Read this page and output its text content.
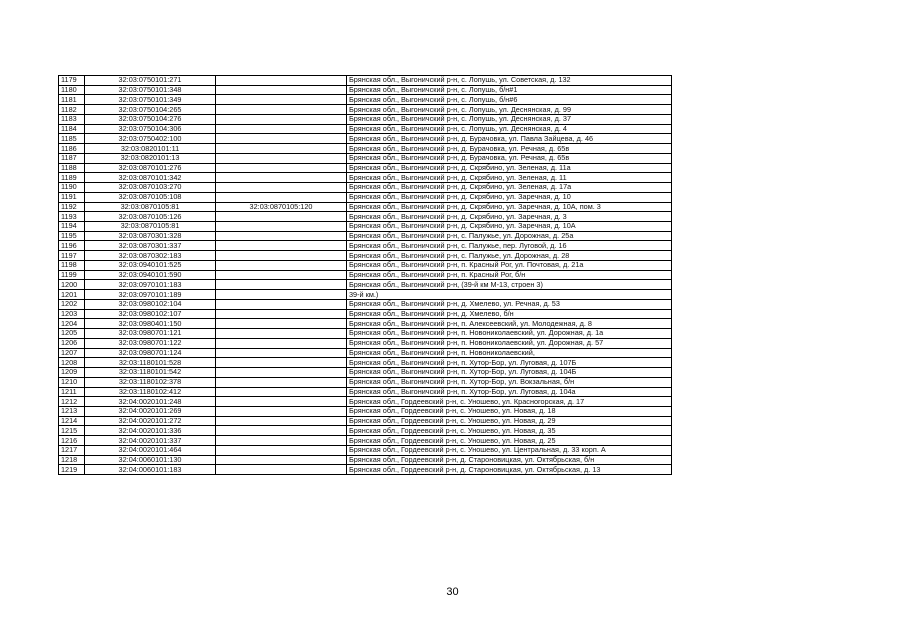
1179	32:03:0750101:271		Брянская обл., Выгоничский р-н, с. Лопушь, ул. Советская, д. 132
1180	32:03:0750101:348		Брянская обл., Выгоничский р-н, с. Лопушь, б/н#1
1181	32:03:0750101:349		Брянская обл., Выгоничский р-н, с. Лопушь, б/н#6
1182	32:03:0750104:265		Брянская обл., Выгоничский р-н, с. Лопушь, ул. Деснянская, д. 99
1183	32:03:0750104:276		Брянская обл., Выгоничский р-н, с. Лопушь, ул. Деснянская, д. 37
1184	32:03:0750104:306		Брянская обл., Выгоничский р-н, с. Лопушь, ул. Деснянская, д. 4
1185	32:03:0750402:100		Брянская обл., Выгоничский р-н, д. Бурачовка, ул. Павла Зайцева, д. 46
1186	32:03:0820101:11		Брянская обл., Выгоничский р-н, д. Бурачовка, ул. Речная, д. 65в
1187	32:03:0820101:13		Брянская обл., Выгоничский р-н, д. Бурачовка, ул. Речная, д. 65в
1188	32:03:0870101:276		Брянская обл., Выгоничский р-н, д. Скрябино, ул. Зеленая, д. 11а
1189	32:03:0870101:342		Брянская обл., Выгоничский р-н, д. Скрябино, ул. Зеленая, д. 11
1190	32:03:0870103:270		Брянская обл., Выгоничский р-н, д. Скрябино, ул. Зеленая, д. 17а
1191	32:03:0870105:108		Брянская обл., Выгоничский р-н, д. Скрябино, ул. Заречная, д. 10
1192	32:03:0870105:81	32:03:0870105:120	Брянская обл., Выгоничский р-н, д. Скрябино, ул. Заречная, д. 10А, пом. 3
1193	32:03:0870105:126		Брянская обл., Выгоничский р-н, д. Скрябино, ул. Заречная, д. 3
1194	32:03:0870105:81		Брянская обл., Выгоничский р-н, д. Скрябино, ул. Заречная, д. 10А
1195	32:03:0870301:328		Брянская обл., Выгоничский р-н, с. Палужье, ул. Дорожная, д. 25а
1196	32:03:0870301:337		Брянская обл., Выгоничский р-н, с. Палужье, пер. Луговой, д. 16
1197	32:03:0870302:183		Брянская обл., Выгоничский р-н, с. Палужье, ул. Дорожная, д. 28
1198	32:03:0940101:525		Брянская обл., Выгоничский р-н, п. Красный Рог, ул. Почтовая, д. 21а
1199	32:03:0940101:590		Брянская обл., Выгоничский р-н, п. Красный Рог, б/н
1200	32:03:0970101:183		Брянская обл., Выгоничский р-н, (39-й км М-13, строен 3)
1201	32:03:0970101:189		39-й км.)
1202	32:03:0980102:104		Брянская обл., Выгоничский р-н, д. Хмелево, ул. Речная, д. 53
1203	32:03:0980102:107		Брянская обл., Выгоничский р-н, д. Хмелево, б/н
1204	32:03:0980401:150		Брянская обл., Выгоничский р-н, п. Алексеевский, ул. Молодежная, д. 8
1205	32:03:0980701:121		Брянская обл., Выгоничский р-н, п. Новониколаевский, ул. Дорожная, д. 1а
1206	32:03:0980701:122		Брянская обл., Выгоничский р-н, п. Новониколаевский, ул. Дорожная, д. 57
1207	32:03:0980701:124		Брянская обл., Выгоничский р-н, п. Новониколаевский,
1208	32:03:1180101:528		Брянская обл., Выгоничский р-н, п. Хутор-Бор, ул. Луговая, д. 107Б
1209	32:03:1180101:542		Брянская обл., Выгоничский р-н, п. Хутор-Бор, ул. Луговая, д. 104Б
1210	32:03:1180102:378		Брянская обл., Выгоничский р-н, п. Хутор-Бор, ул. Вокзальная, б/н
1211	32:03:1180102:412		Брянская обл., Выгоничский р-н, п. Хутор-Бор, ул. Луговая, д. 104а
1212	32:04:0020101:248		Брянская обл., Гордеевский р-н, с. Уношево, ул. Красногорская, д. 17
1213	32:04:0020101:269		Брянская обл., Гордеевский р-н, с. Уношево, ул. Новая, д. 18
1214	32:04:0020101:272		Брянская обл., Гордеевский р-н, с. Уношево, ул. Новая, д. 29
1215	32:04:0020101:336		Брянская обл., Гордеевский р-н, с. Уношево, ул. Новая, д. 35
1216	32:04:0020101:337		Брянская обл., Гордеевский р-н, с. Уношево, ул. Новая, д. 25
1217	32:04:0020101:464		Брянская обл., Гордеевский р-н, с. Уношево, ул. Центральная, д. 33 корп. А
1218	32:04:0060101:130		Брянская обл., Гордеевский р-н, д. Староновицкая, ул. Октябрьская, б/н
1219	32:04:0060101:183		Брянская обл., Гордеевский р-н, д. Староновицкая, ул. Октябрьская, д. 13
30
